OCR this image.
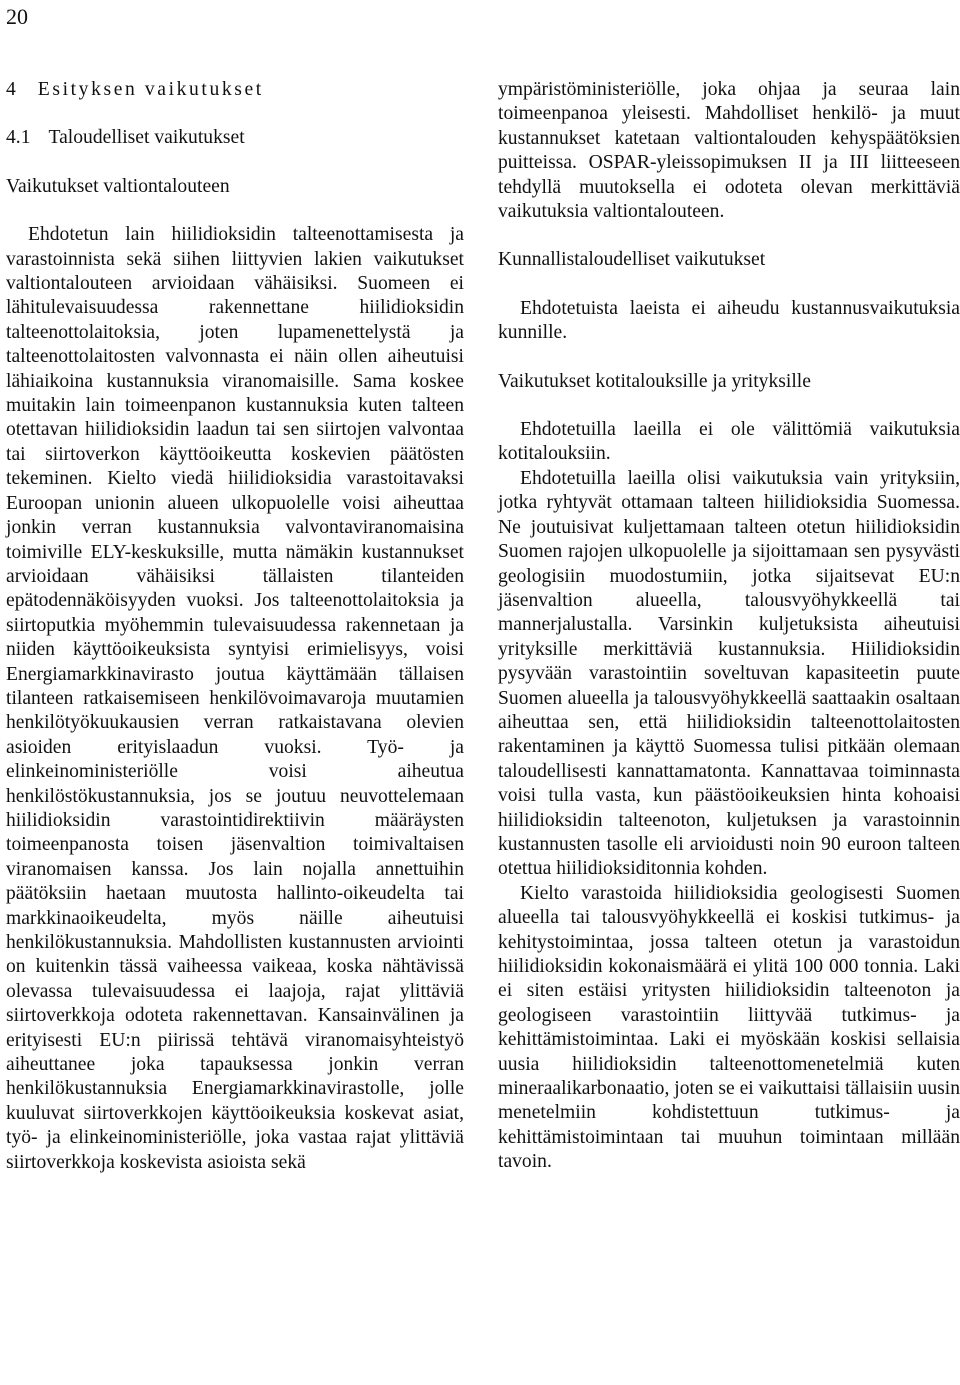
20
4 Esityksen vaikutukset
4.1 Taloudelliset vaikutukset
Vaikutukset valtiontalouteen

Ehdotetun lain hiilidioksidin talteenottamisesta ja varastoinnista sekä siihen liittyvien lakien vaikutukset valtiontalouteen arvioidaan vähäisiksi. Suomeen ei lähitulevaisuudessa rakennettane hiilidioksidin talteenottolaitoksia, joten lupamenettelystä ja talteenottolaitosten valvonnasta ei näin ollen aiheutuisi lähiaikoina kustannuksia viranomaisille. Sama koskee muitakin lain toimeenpanon kustannuksia kuten talteen otettavan hiilidioksidin laadun tai sen siirtojen valvontaa tai siirtoverkon käyttöoikeutta koskevien päätösten tekeminen. Kielto viedä hiilidioksidia varastoitavaksi Euroopan unionin alueen ulkopuolelle voisi aiheuttaa jonkin verran kustannuksia valvontaviranomaisina toimiville ELY-keskuksille, mutta nämäkin kustannukset arvioidaan vähäisiksi tällaisten tilanteiden epätodennäköisyyden vuoksi. Jos talteenottolaitoksia ja siirtoputkia myöhemmin tulevaisuudessa rakennetaan ja niiden käyttöoikeuksista syntyisi erimielisyys, voisi Energiamarkkinavirasto joutua käyttämään tällaisen tilanteen ratkaisemiseen henkilövoimavaroja muutamien henkilötyökuukausien verran ratkaistavana olevien asioiden erityislaadun vuoksi. Työ- ja elinkeinoministeriölle voisi aiheutua henkilöstökustannuksia, jos se joutuu neuvottelemaan hiilidioksidin varastointidirektiivin määräysten toimeenpanosta toisen jäsenvaltion toimivaltaisen viranomaisen kanssa. Jos lain nojalla annettuihin päätöksiin haetaan muutosta hallinto-oikeudelta tai markkinaoikeudelta, myös näille aiheutuisi henkilökustannuksia. Mahdollisten kustannusten arviointi on kuitenkin tässä vaiheessa vaikeaa, koska nähtävissä olevassa tulevaisuudessa ei laajoja, rajat ylittäviä siirtoverkkoja odoteta rakennettavan. Kansainvälinen ja erityisesti EU:n piirissä tehtävä viranomaisyhteistyö aiheuttanee joka tapauksessa jonkin verran henkilökustannuksia Energiamarkkinavirastolle, jolle kuuluvat siirtoverkkojen käyttöoikeuksia koskevat asiat, työ- ja elinkeinoministeriölle, joka vastaa rajat ylittäviä siirtoverkkoja koskevista asioista sekä

ympäristöministeriölle, joka ohjaa ja seuraa lain toimeenpanoa yleisesti. Mahdolliset henkilö- ja muut kustannukset katetaan valtiontalouden kehyspäätöksien puitteissa. OSPAR-yleissopimuksen II ja III liitteeseen tehdyllä muutoksella ei odoteta olevan merkittäviä vaikutuksia valtiontalouteen.

Kunnallistaloudelliset vaikutukset

Ehdotetuista laeista ei aiheudu kustannusvaikutuksia kunnille.

Vaikutukset kotitalouksille ja yrityksille

Ehdotetuilla laeilla ei ole välittömiä vaikutuksia kotitalouksiin.

Ehdotetuilla laeilla olisi vaikutuksia vain yrityksiin, jotka ryhtyvät ottamaan talteen hiilidioksidia Suomessa. Ne joutuisivat kuljettamaan talteen otetun hiilidioksidin Suomen rajojen ulkopuolelle ja sijoittamaan sen pysyvästi geologisiin muodostumiin, jotka sijaitsevat EU:n jäsenvaltion alueella, talousvyöhykkeellä tai mannerjalustalla. Varsinkin kuljetuksista aiheutuisi yrityksille merkittäviä kustannuksia. Hiilidioksidin pysyvään varastointiin soveltuvan kapasiteetin puute Suomen alueella ja talousvyöhykkeellä saattaakin osaltaan aiheuttaa sen, että hiilidioksidin talteenottolaitosten rakentaminen ja käyttö Suomessa tulisi pitkään olemaan taloudellisesti kannattamatonta. Kannattavaa toiminnasta voisi tulla vasta, kun päästöoikeuksien hinta kohoaisi hiilidioksidin talteenoton, kuljetuksen ja varastoinnin kustannusten tasolle eli arvioidusti noin 90 euroon talteen otettua hiilidioksiditonnia kohden.

Kielto varastoida hiilidioksidia geologisesti Suomen alueella tai talousvyöhykkeellä ei koskisi tutkimus- ja kehitystoimintaa, jossa talteen otetun ja varastoidun hiilidioksidin kokonaismäärä ei ylitä 100 000 tonnia. Laki ei siten estäisi yritysten hiilidioksidin talteenoton ja geologiseen varastointiin liittyvää tutkimus- ja kehittämistoimintaa. Laki ei myöskään koskisi sellaisia uusia hiilidioksidin talteenottomenetelmiä kuten mineraalikarbonaatio, joten se ei vaikuttaisi tällaisiin uusin menetelmiin kohdistettuun tutkimus- ja kehittämistoimintaan tai muuhun toimintaan millään tavoin.
